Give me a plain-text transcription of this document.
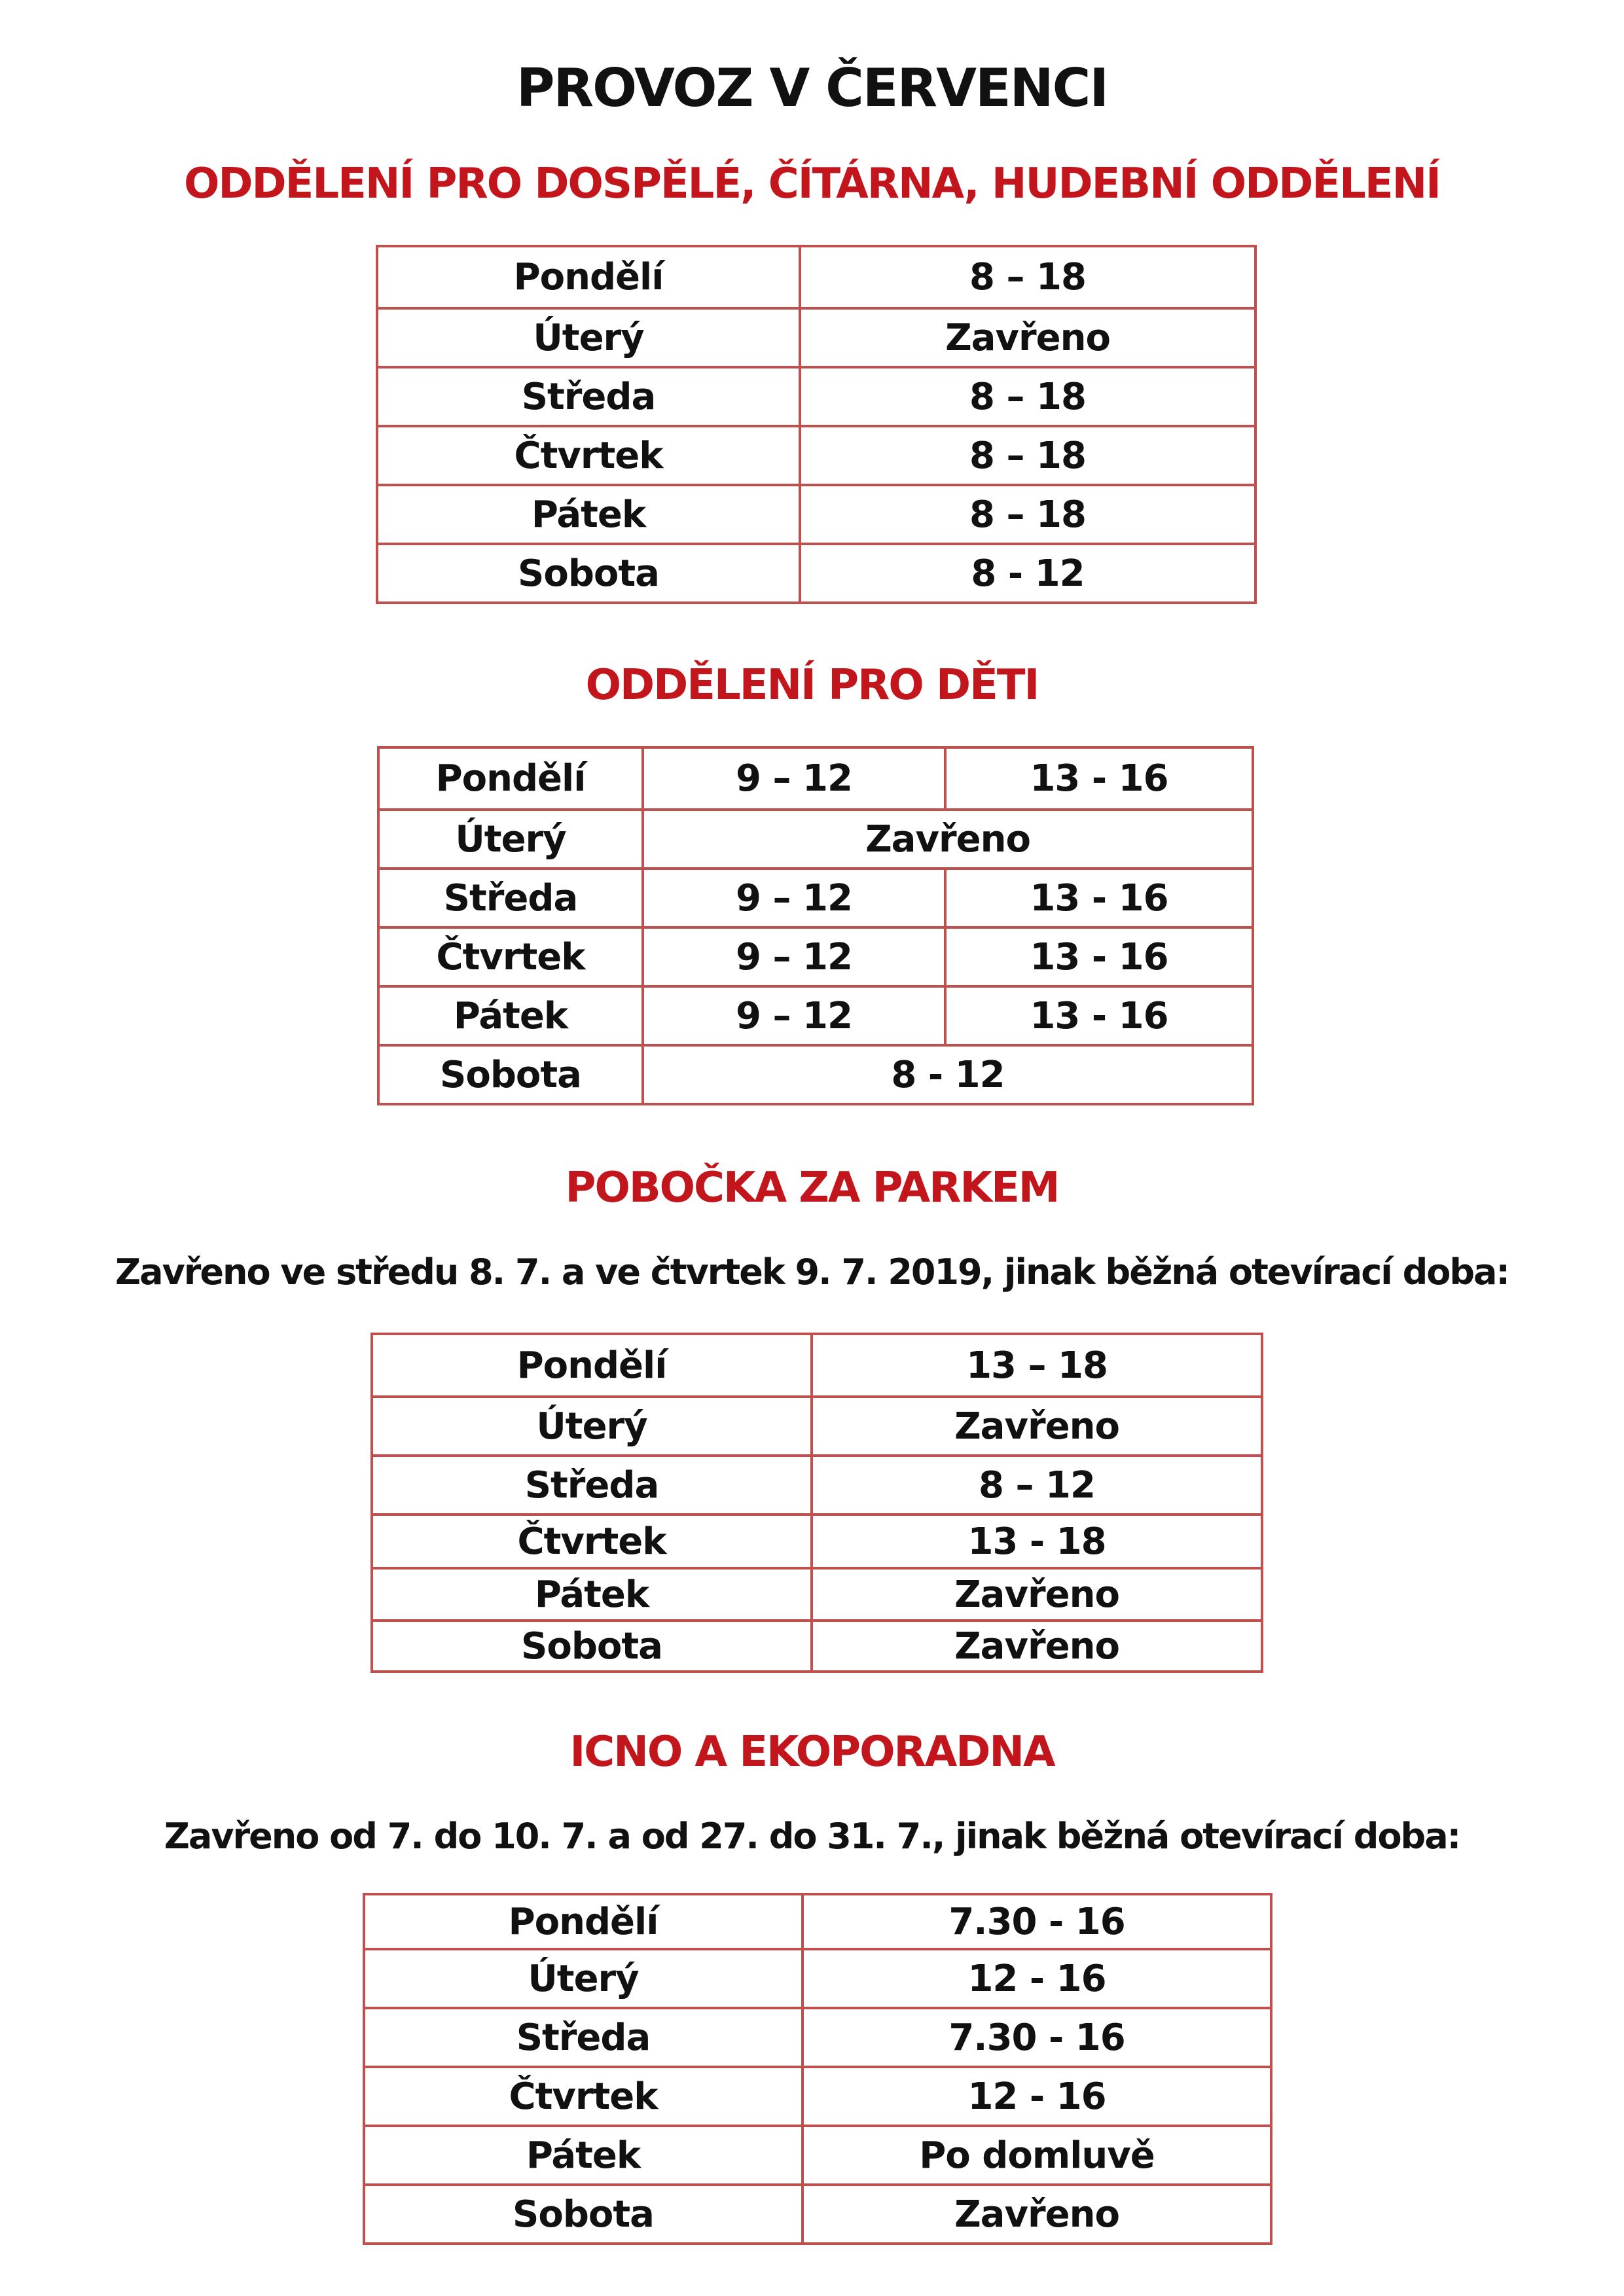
PROVOZ V ČERVENCI
ODDĚLENÍ PRO DOSPĚLÉ, ČÍTÁRNA, HUDEBNÍ ODDĚLENÍ
Pondělí	8 – 18
Úterý	Zavřeno
Středa	8 – 18
Čtvrtek	8 – 18
Pátek	8 – 18
Sobota	8 - 12
ODDĚLENÍ PRO DĚTI
Pondělí	9 – 12	13 - 16
Úterý	Zavřeno	
Středa	9 – 12	13 - 16
Čtvrtek	9 – 12	13 - 16
Pátek	9 – 12	13 - 16
Sobota	8 - 12	
POBOČKA ZA PARKEM
Zavřeno ve středu 8. 7. a ve čtvrtek 9. 7. 2019, jinak běžná otevírací doba:
Pondělí	13 – 18
Úterý	Zavřeno
Středa	8 – 12
Čtvrtek	13 - 18
Pátek	Zavřeno
Sobota	Zavřeno
ICNO A EKOPORADNA
Zavřeno od 7. do 10. 7. a od 27. do 31. 7., jinak běžná otevírací doba:
Pondělí	7.30 - 16
Úterý	12 - 16
Středa	7.30 - 16
Čtvrtek	12 - 16
Pátek	Po domluvě
Sobota	Zavřeno
